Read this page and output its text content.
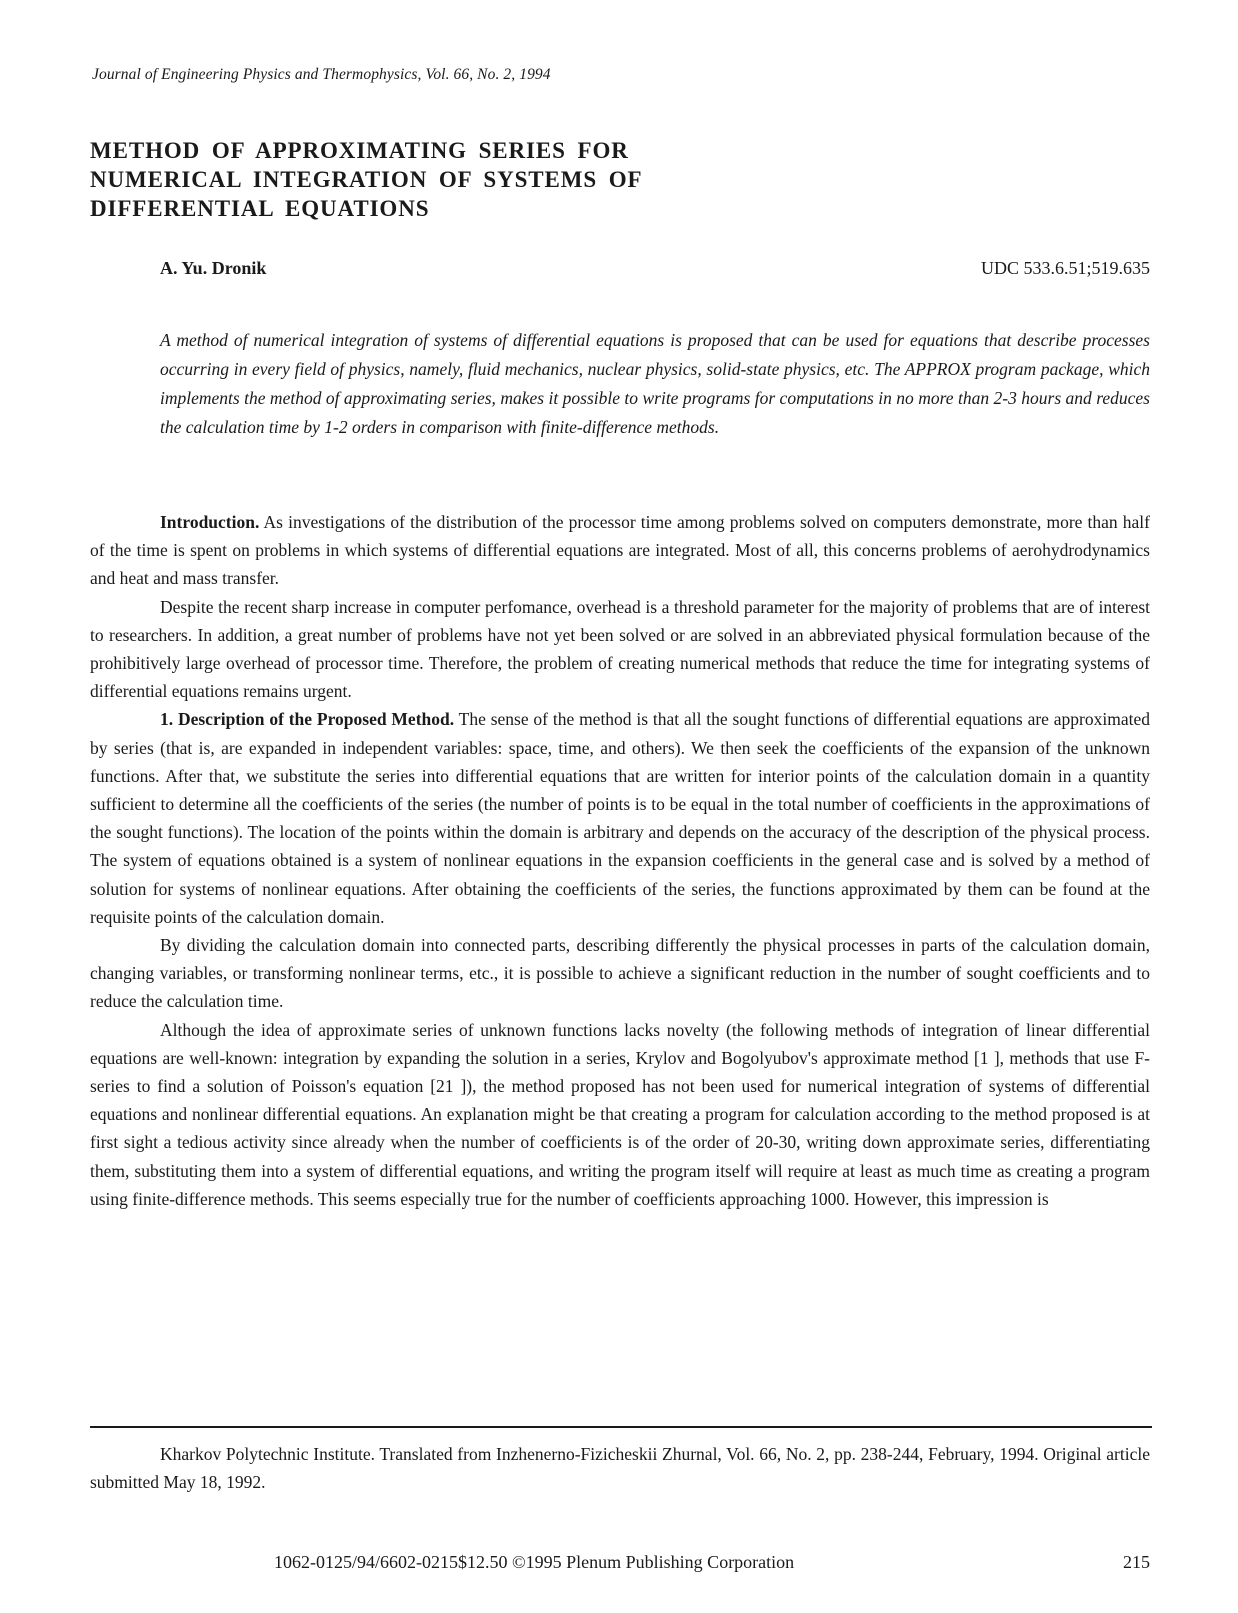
Journal of Engineering Physics and Thermophysics, Vol. 66, No. 2, 1994
METHOD OF APPROXIMATING SERIES FOR
NUMERICAL INTEGRATION OF SYSTEMS OF
DIFFERENTIAL EQUATIONS
A. Yu. Dronik	UDC 533.6.51;519.635

A method of numerical integration of systems of differential equations is proposed that can be used for equations that describe processes occurring in every field of physics, namely, fluid mechanics, nuclear physics, solid-state physics, etc. The APPROX program package, which implements the method of approximating series, makes it possible to write programs for computations in no more than 2-3 hours and reduces the calculation time by 1-2 orders in comparison with finite-difference methods.

Introduction. As investigations of the distribution of the processor time among problems solved on computers demonstrate, more than half of the time is spent on problems in which systems of differential equations are integrated. Most of all, this concerns problems of aerohydrodynamics and heat and mass transfer.

Despite the recent sharp increase in computer perfomance, overhead is a threshold parameter for the majority of problems that are of interest to researchers. In addition, a great number of problems have not yet been solved or are solved in an abbreviated physical formulation because of the prohibitively large overhead of processor time. Therefore, the problem of creating numerical methods that reduce the time for integrating systems of differential equations remains urgent.

1. Description of the Proposed Method. The sense of the method is that all the sought functions of differential equations are approximated by series (that is, are expanded in independent variables: space, time, and others). We then seek the coefficients of the expansion of the unknown functions. After that, we substitute the series into differential equations that are written for interior points of the calculation domain in a quantity sufficient to determine all the coefficients of the series (the number of points is to be equal in the total number of coefficients in the approximations of the sought functions). The location of the points within the domain is arbitrary and depends on the accuracy of the description of the physical process. The system of equations obtained is a system of nonlinear equations in the expansion coefficients in the general case and is solved by a method of solution for systems of nonlinear equations. After obtaining the coefficients of the series, the functions approximated by them can be found at the requisite points of the calculation domain.

By dividing the calculation domain into connected parts, describing differently the physical processes in parts of the calculation domain, changing variables, or transforming nonlinear terms, etc., it is possible to achieve a significant reduction in the number of sought coefficients and to reduce the calculation time.

Although the idea of approximate series of unknown functions lacks novelty (the following methods of integration of linear differential equations are well-known: integration by expanding the solution in a series, Krylov and Bogolyubov's approximate method [1 ], methods that use F-series to find a solution of Poisson's equation [21 ]), the method proposed has not been used for numerical integration of systems of differential equations and nonlinear differential equations. An explanation might be that creating a program for calculation according to the method proposed is at first sight a tedious activity since already when the number of coefficients is of the order of 20-30, writing down approximate series, differentiating them, substituting them into a system of differential equations, and writing the program itself will require at least as much time as creating a program using finite-difference methods. This seems especially true for the number of coefficients approaching 1000. However, this impression is

Kharkov Polytechnic Institute. Translated from Inzhenerno-Fizicheskii Zhurnal, Vol. 66, No. 2, pp. 238-244, February, 1994. Original article submitted May 18, 1992.

1062-0125/94/6602-0215$12.50 ©1995 Plenum Publishing Corporation	215
